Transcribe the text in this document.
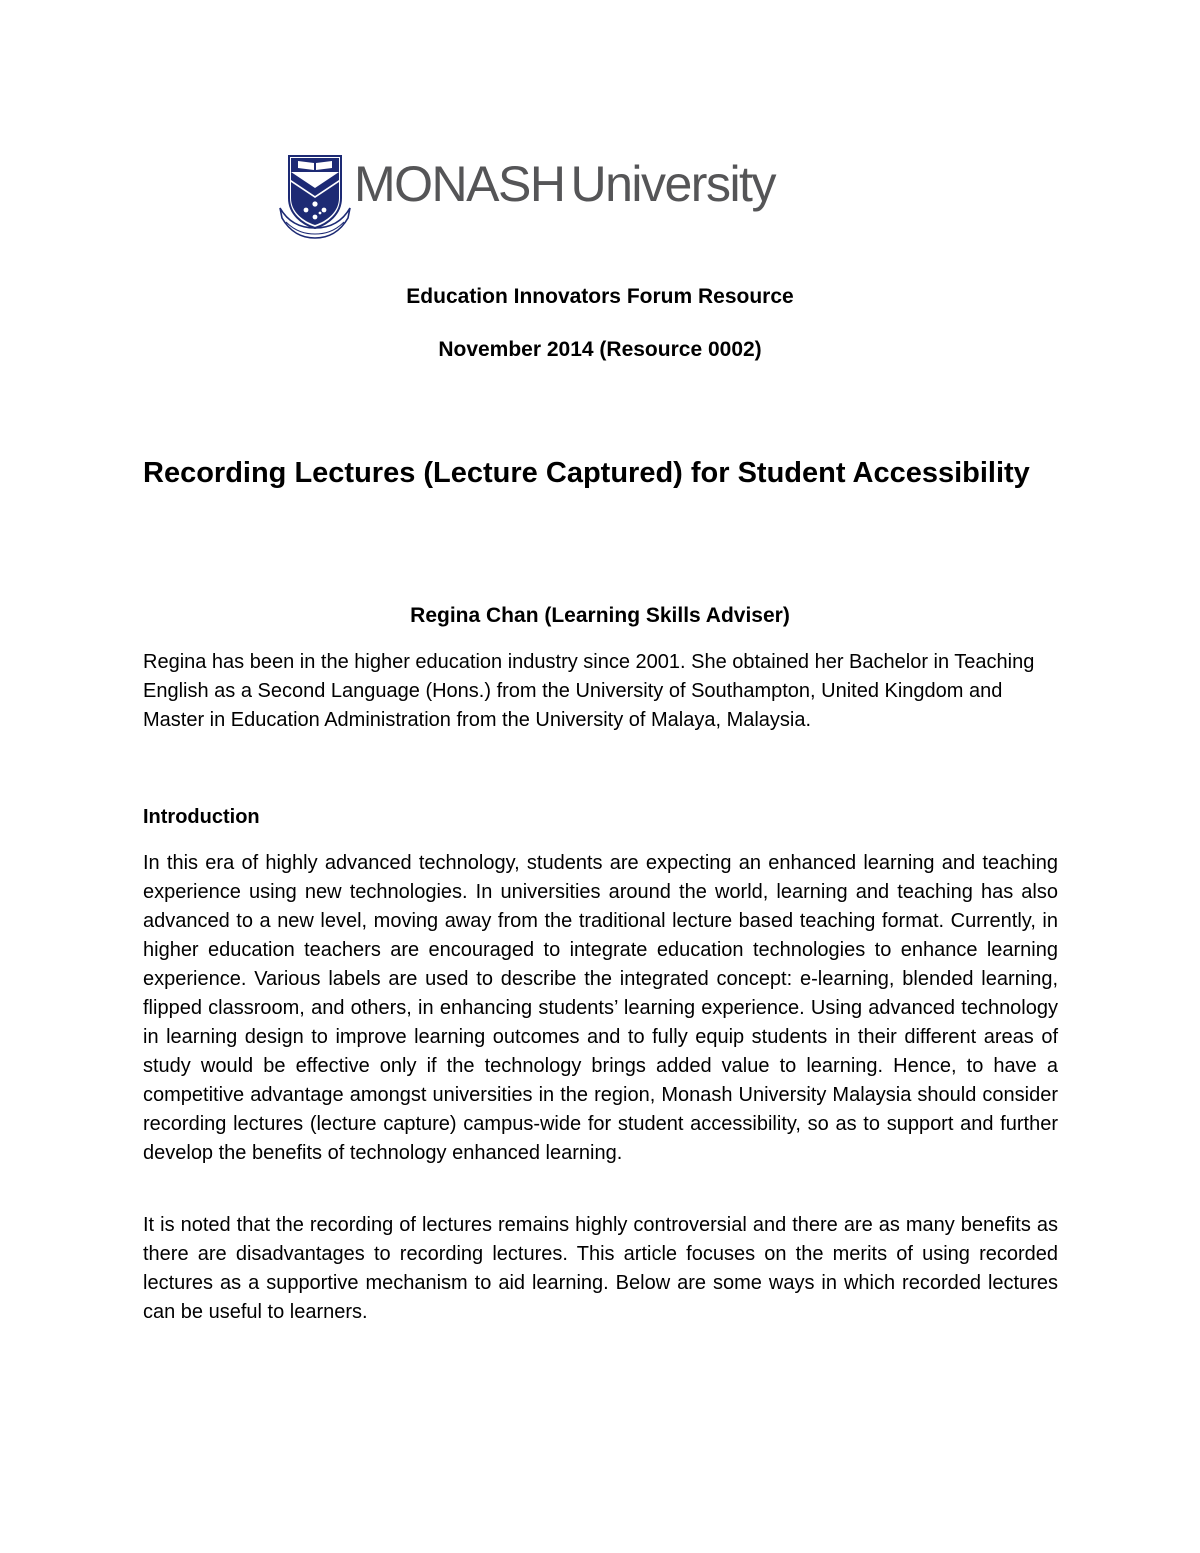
MONASH University
Education Innovators Forum Resource
November 2014 (Resource 0002)
Recording Lectures (Lecture Captured) for Student Accessibility
Regina Chan (Learning Skills Adviser)
Regina has been in the higher education industry since 2001. She obtained her Bachelor in Teaching English as a Second Language (Hons.) from the University of Southampton, United Kingdom and Master in Education Administration from the University of Malaya, Malaysia.
Introduction
In this era of highly advanced technology, students are expecting an enhanced learning and teaching experience using new technologies. In universities around the world, learning and teaching has also advanced to a new level, moving away from the traditional lecture based teaching format. Currently, in higher education teachers are encouraged to integrate education technologies to enhance learning experience. Various labels are used to describe the integrated concept: e-learning, blended learning, flipped classroom, and others, in enhancing students’ learning experience. Using advanced technology in learning design to improve learning outcomes and to fully equip students in their different areas of study would be effective only if the technology brings added value to learning. Hence, to have a competitive advantage amongst universities in the region, Monash University Malaysia should consider recording lectures (lecture capture) campus-wide for student accessibility, so as to support and further develop the benefits of technology enhanced learning.
It is noted that the recording of lectures remains highly controversial and there are as many benefits as there are disadvantages to recording lectures. This article focuses on the merits of using recorded lectures as a supportive mechanism to aid learning. Below are some ways in which recorded lectures can be useful to learners.
